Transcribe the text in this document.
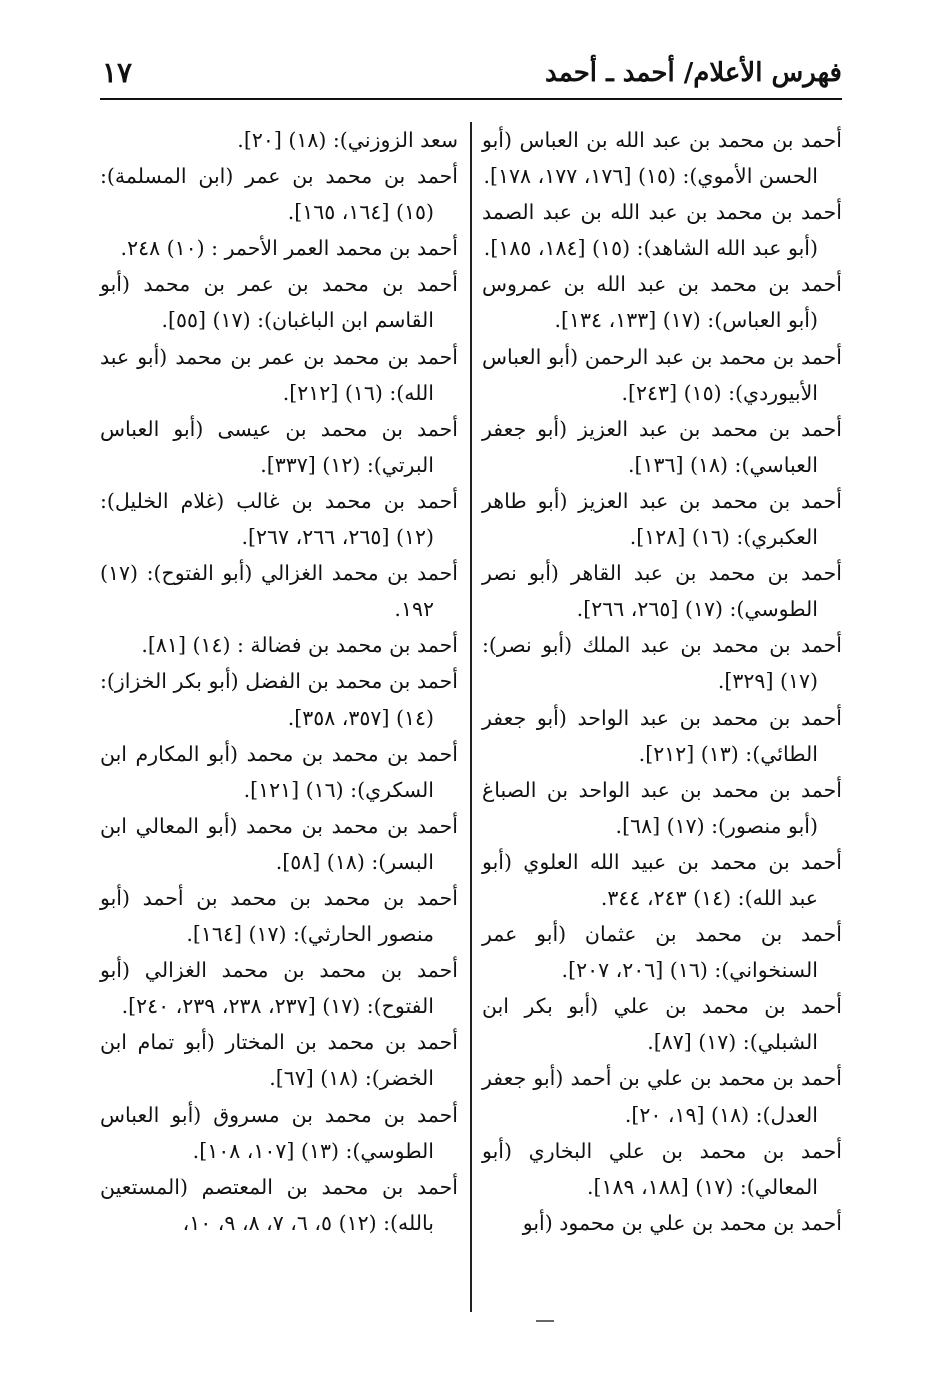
فهرس الأعلام/ أحمد ـ أحمد
١٧

أحمد بن محمد بن عبد الله بن العباس (أبو الحسن الأموي): (١٥) [١٧٦، ١٧٧، ١٧٨].

أحمد بن محمد بن عبد الله بن عبد الصمد (أبو عبد الله الشاهد): (١٥) [١٨٤، ١٨٥].

أحمد بن محمد بن عبد الله بن عمروس (أبو العباس): (١٧) [١٣٣، ١٣٤].

أحمد بن محمد بن عبد الرحمن (أبو العباس الأبيوردي): (١٥) [٢٤٣].

أحمد بن محمد بن عبد العزيز (أبو جعفر العباسي): (١٨) [١٣٦].

أحمد بن محمد بن عبد العزيز (أبو طاهر العكبري): (١٦) [١٢٨].

أحمد بن محمد بن عبد القاهر (أبو نصر الطوسي): (١٧) [٢٦٥، ٢٦٦].

أحمد بن محمد بن عبد الملك (أبو نصر): (١٧) [٣٢٩].

أحمد بن محمد بن عبد الواحد (أبو جعفر الطائي): (١٣) [٢١٢].

أحمد بن محمد بن عبد الواحد بن الصباغ (أبو منصور): (١٧) [٦٨].

أحمد بن محمد بن عبيد الله العلوي (أبو عبد الله): (١٤) ٢٤٣، ٣٤٤.

أحمد بن محمد بن عثمان (أبو عمر السنخواني): (١٦) [٢٠٦، ٢٠٧].

أحمد بن محمد بن علي (أبو بكر ابن الشبلي): (١٧) [٨٧].

أحمد بن محمد بن علي بن أحمد (أبو جعفر العدل): (١٨) [١٩، ٢٠].

أحمد بن محمد بن علي البخاري (أبو المعالي): (١٧) [١٨٨، ١٨٩].

أحمد بن محمد بن علي بن محمود (أبو

سعد الزوزني): (١٨) [٢٠].

أحمد بن محمد بن عمر (ابن المسلمة): (١٥) [١٦٤، ١٦٥].

أحمد بن محمد العمر الأحمر : (١٠) ٢٤٨.

أحمد بن محمد بن عمر بن محمد (أبو القاسم ابن الباغبان): (١٧) [٥٥].

أحمد بن محمد بن عمر بن محمد (أبو عبد الله): (١٦) [٢١٢].

أحمد بن محمد بن عيسى (أبو العباس البرتي): (١٢) [٣٣٧].

أحمد بن محمد بن غالب (غلام الخليل): (١٢) [٢٦٥، ٢٦٦، ٢٦٧].

أحمد بن محمد الغزالي (أبو الفتوح): (١٧) ١٩٢.

أحمد بن محمد بن فضالة : (١٤) [٨١].

أحمد بن محمد بن الفضل (أبو بكر الخزاز): (١٤) [٣٥٧، ٣٥٨].

أحمد بن محمد بن محمد (أبو المكارم ابن السكري): (١٦) [١٢١].

أحمد بن محمد بن محمد (أبو المعالي ابن البسر): (١٨) [٥٨].

أحمد بن محمد بن محمد بن أحمد (أبو منصور الحارثي): (١٧) [١٦٤].

أحمد بن محمد بن محمد الغزالي (أبو الفتوح): (١٧) [٢٣٧، ٢٣٨، ٢٣٩، ٢٤٠].

أحمد بن محمد بن المختار (أبو تمام ابن الخضر): (١٨) [٦٧].

أحمد بن محمد بن مسروق (أبو العباس الطوسي): (١٣) [١٠٧، ١٠٨].

أحمد بن محمد بن المعتصم (المستعين بالله): (١٢) ٥، ٦، ٧، ٨، ٩، ١٠،
